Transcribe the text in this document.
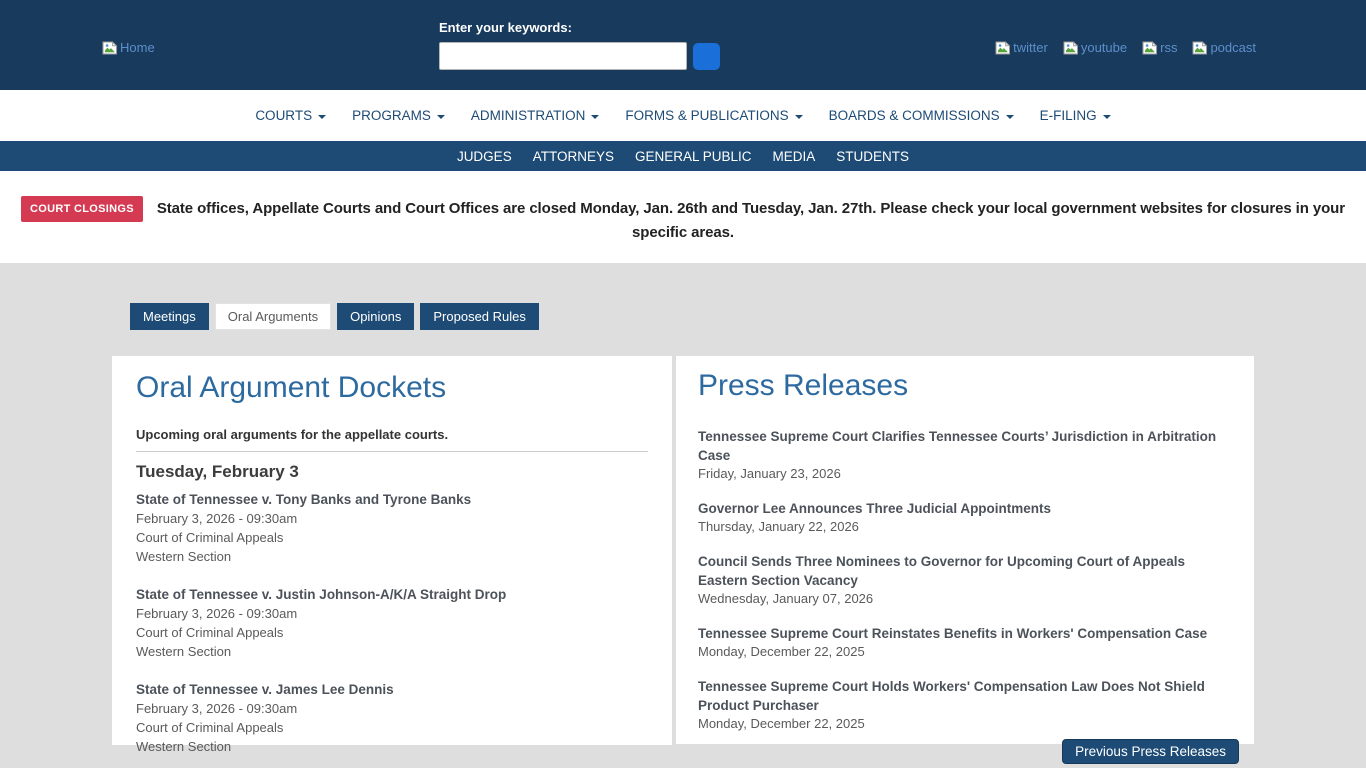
Home
Enter your keywords:
twitter	youtube	rss	podcast
COURTS	PROGRAMS	ADMINISTRATION	FORMS & PUBLICATIONS	BOARDS & COMMISSIONS	E-FILING
JUDGES ATTORNEYS GENERAL PUBLIC MEDIA STUDENTS
COURT CLOSINGS State offices, Appellate Courts and Court Offices are closed Monday, Jan. 26th and Tuesday, Jan. 27th. Please check your local government websites for closures in your specific areas.
Meetings	Oral Arguments	Opinions	Proposed Rules
Oral Argument Dockets
Upcoming oral arguments for the appellate courts.
Tuesday, February 3
State of Tennessee v. Tony Banks and Tyrone Banks
February 3, 2026 - 09:30am
Court of Criminal Appeals
Western Section
State of Tennessee v. Justin Johnson-A/K/A Straight Drop
February 3, 2026 - 09:30am
Court of Criminal Appeals
Western Section
State of Tennessee v. James Lee Dennis
February 3, 2026 - 09:30am
Court of Criminal Appeals
Western Section
Press Releases
Tennessee Supreme Court Clarifies Tennessee Courts’ Jurisdiction in Arbitration Case
Friday, January 23, 2026
Governor Lee Announces Three Judicial Appointments
Thursday, January 22, 2026
Council Sends Three Nominees to Governor for Upcoming Court of Appeals Eastern Section Vacancy
Wednesday, January 07, 2026
Tennessee Supreme Court Reinstates Benefits in Workers' Compensation Case
Monday, December 22, 2025
Tennessee Supreme Court Holds Workers' Compensation Law Does Not Shield Product Purchaser
Monday, December 22, 2025
Previous Press Releases
